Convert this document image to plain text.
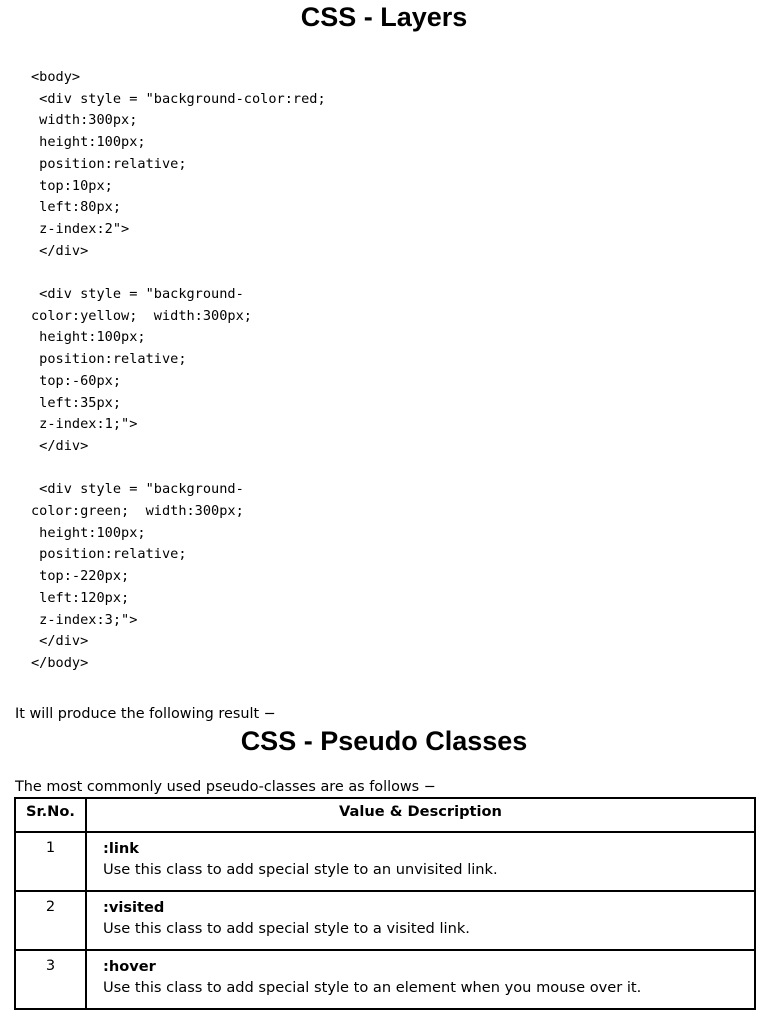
CSS - Layers
<body>
<div style = "background-color:red;
width:300px;
height:100px;
position:relative;
top:10px;
left:80px;
z-index:2">
</div>

<div style = "background-
color:yellow;  width:300px;
height:100px;
position:relative;
top:-60px;
left:35px;
z-index:1;">
</div>

<div style = "background-
color:green;  width:300px;
height:100px;
position:relative;
top:-220px;
left:120px;
z-index:3;">
</div>
</body>

It will produce the following result −

CSS - Pseudo Classes

The most commonly used pseudo-classes are as follows −

Sr.No.	Value & Description
1	:link
Use this class to add special style to an unvisited link.

2	:visited
Use this class to add special style to a visited link.

3	:hover
Use this class to add special style to an element when you mouse over it.
